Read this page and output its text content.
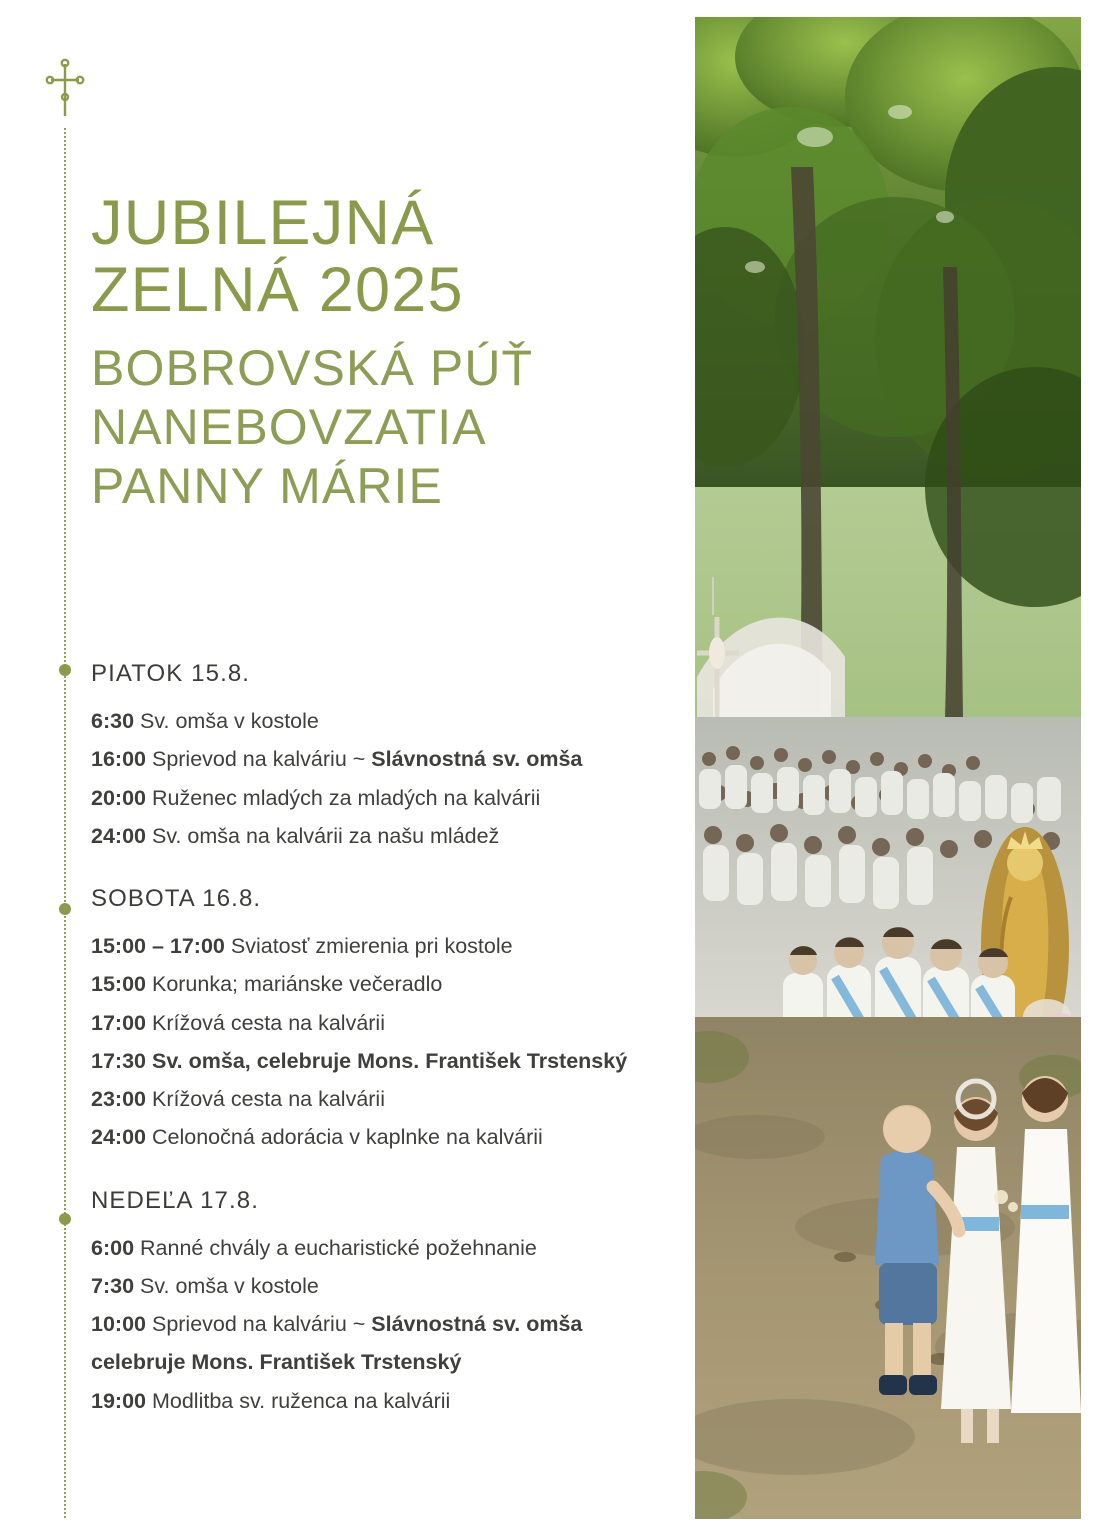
JUBILEJNÁ
ZELNÁ 2025
BOBROVSKÁ PÚŤ
NANEBOVZATIA
PANNY MÁRIE
PIATOK 15.8.
6:30 Sv. omša v kostole
16:00 Sprievod na kalváriu ~ Slávnostná sv. omša
20:00 Ruženec mladých za mladých na kalvárii
24:00 Sv. omša na kalvárii za našu mládež
SOBOTA 16.8.
15:00 – 17:00 Sviatosť zmierenia pri kostole
15:00 Korunka; mariánske večeradlo
17:00 Krížová cesta na kalvárii
17:30 Sv. omša, celebruje Mons. František Trstenský
23:00 Krížová cesta na kalvárii
24:00 Celonočná adorácia v kaplnke na kalvárii
NEDEĽA 17.8.
6:00 Ranné chvály a eucharistické požehnanie
7:30 Sv. omša v kostole
10:00 Sprievod na kalváriu ~ Slávnostná sv. omša
celebruje Mons. František Trstenský
19:00 Modlitba sv. ruženca na kalvárii
